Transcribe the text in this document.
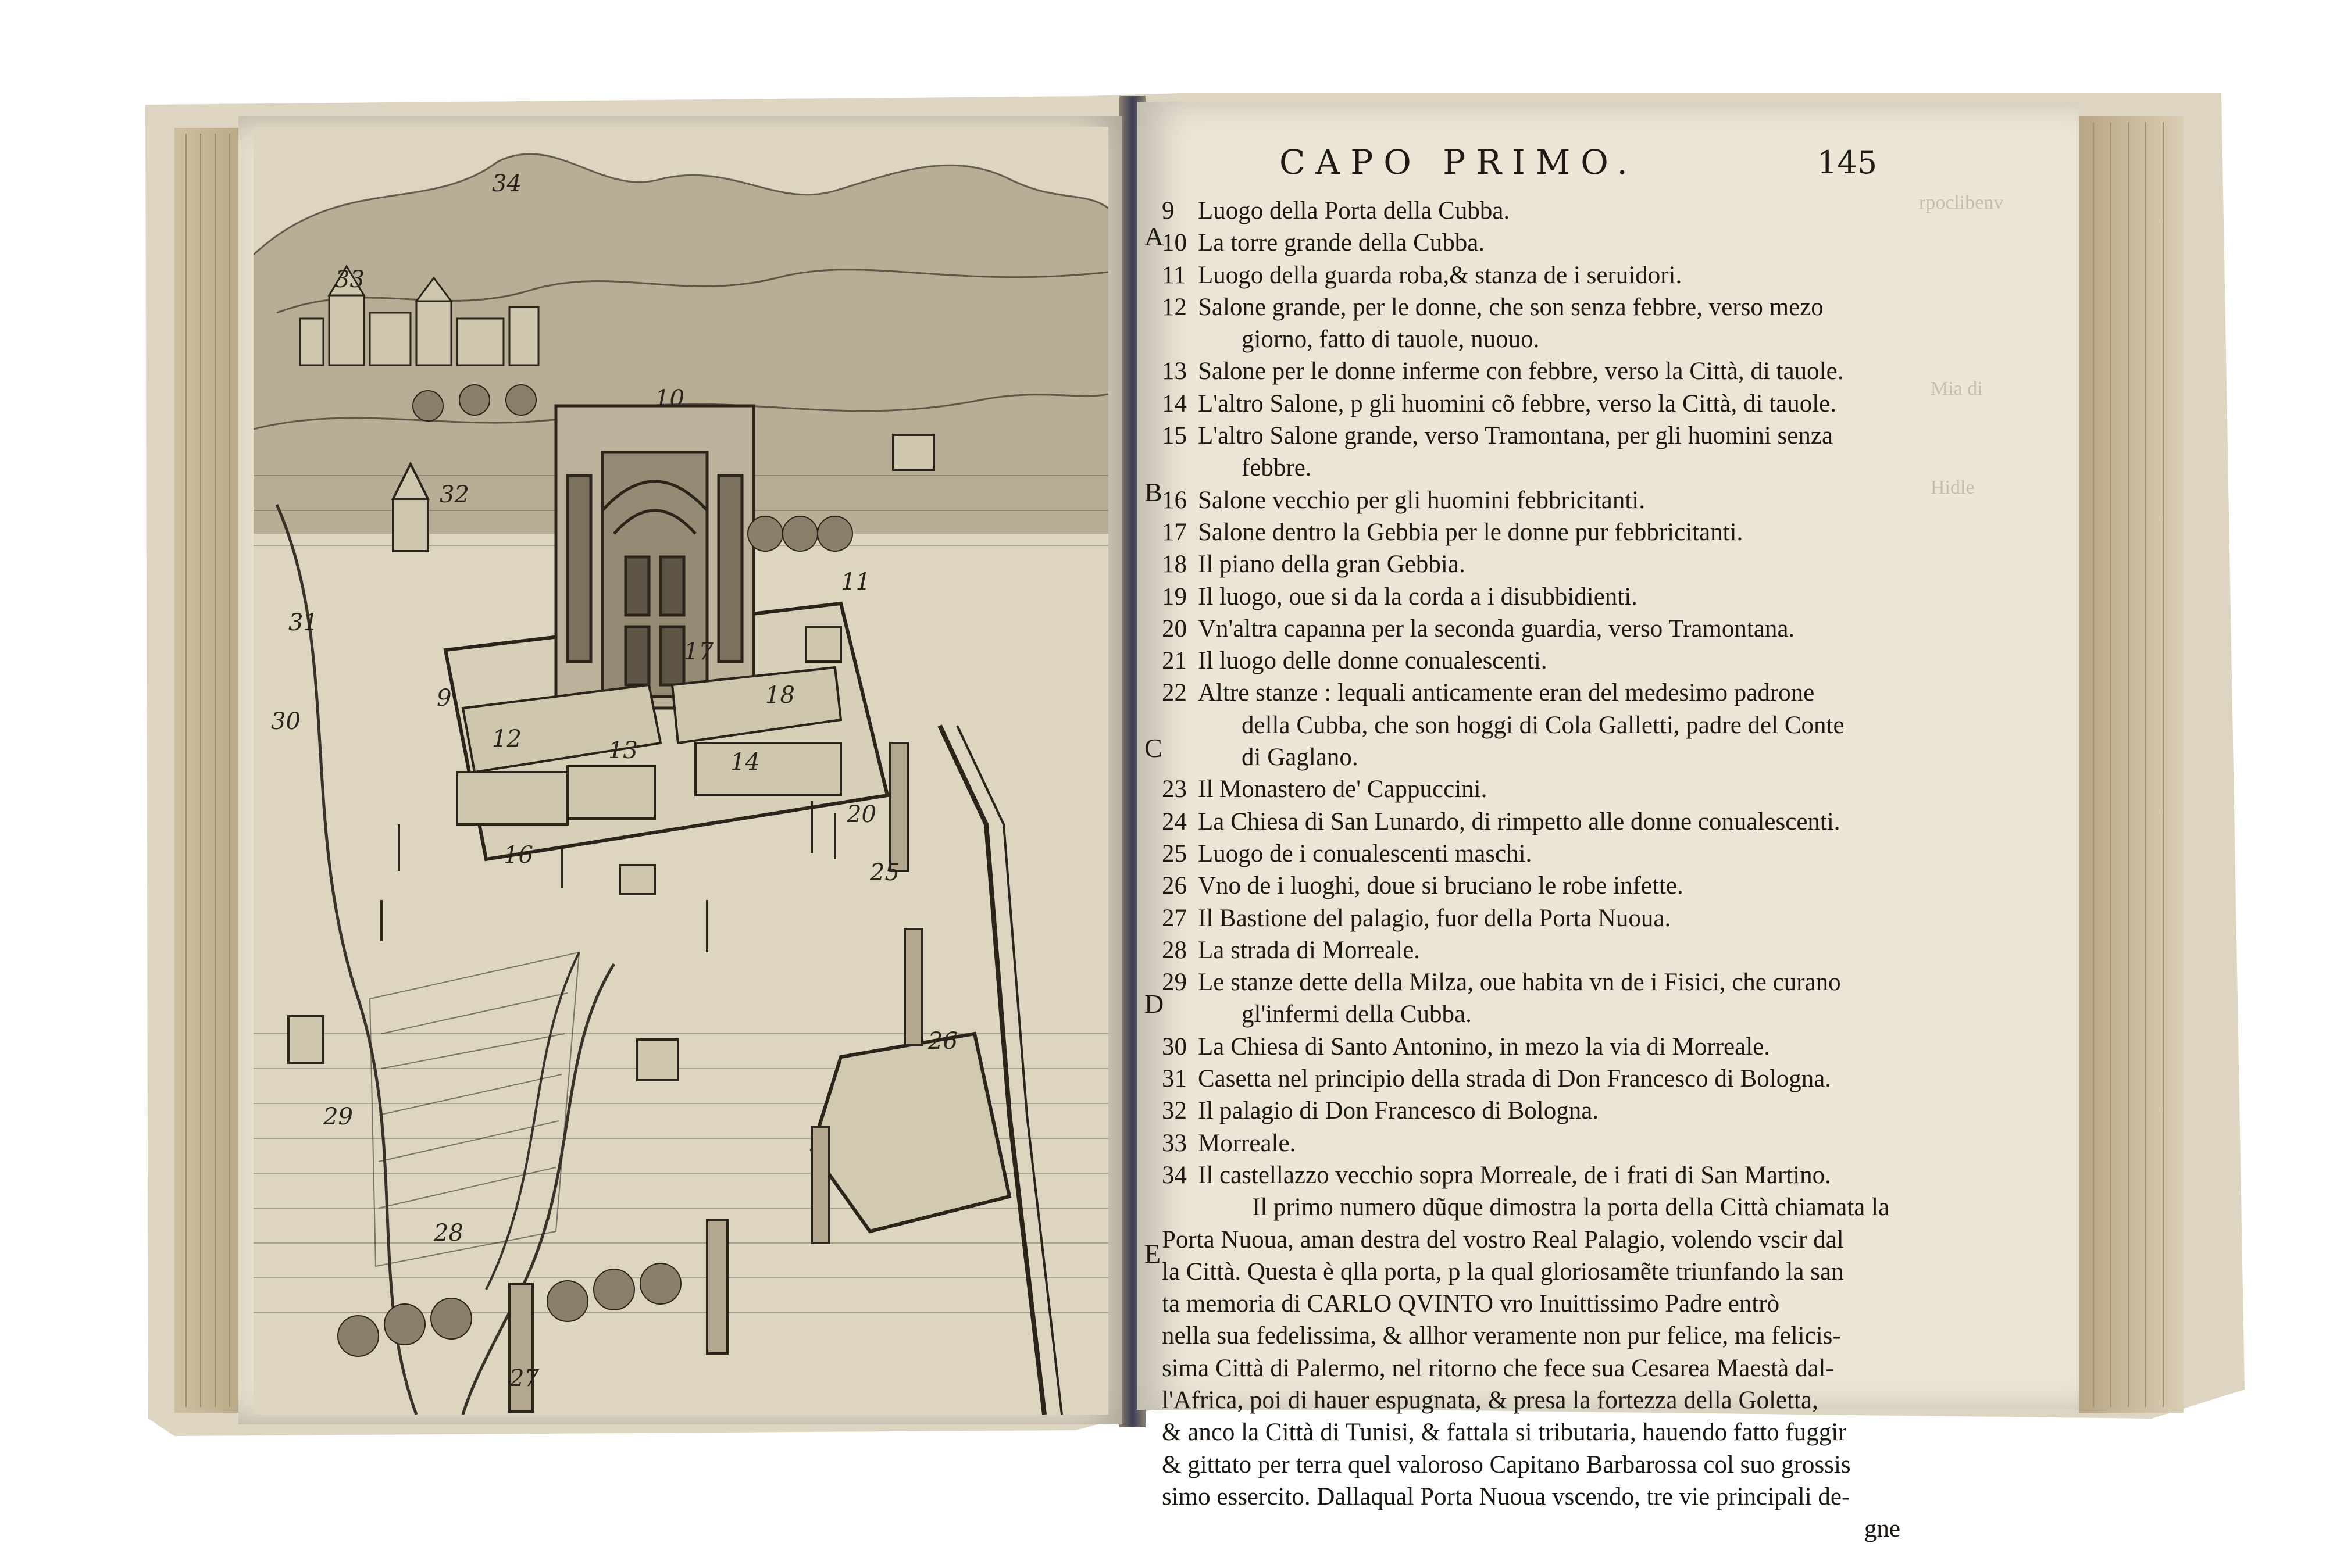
34
33
10
32
31
17
9	18
13
12
14
20
26
25
29
28
27
16
11
30
rpoclibenv
Mia di
Hidle
CAPO PRIMO.	145
A
B
C
D
E
9 Luogo della Porta della Cubba.
10 La torre grande della Cubba.
11 Luogo della guarda roba,& stanza de i seruidori.
12 Salone grande, per le donne, che son senza febbre, verso mezo
giorno, fatto di tauole, nuouo.
13 Salone per le donne inferme con febbre, verso la Città, di tauole.
14 L'altro Salone, p gli huomini cõ febbre, verso la Città, di tauole.
15 L'altro Salone grande, verso Tramontana, per gli huomini senza
febbre.
16 Salone vecchio per gli huomini febbricitanti.
17 Salone dentro la Gebbia per le donne pur febbricitanti.
18 Il piano della gran Gebbia.
19 Il luogo, oue si da la corda a i disubbidienti.
20 Vn'altra capanna per la seconda guardia, verso Tramontana.
21 Il luogo delle donne conualescenti.
22 Altre stanze : lequali anticamente eran del medesimo padrone
della Cubba, che son hoggi di Cola Galletti, padre del Conte
di Gaglano.
23 Il Monastero de' Cappuccini.
24 La Chiesa di San Lunardo, di rimpetto alle donne conualescenti.
25 Luogo de i conualescenti maschi.
26 Vno de i luoghi, doue si bruciano le robe infette.
27 Il Bastione del palagio, fuor della Porta Nuoua.
28 La strada di Morreale.
29 Le stanze dette della Milza, oue habita vn de i Fisici, che curano
gl'infermi della Cubba.
30 La Chiesa di Santo Antonino, in mezo la via di Morreale.
31 Casetta nel principio della strada di Don Francesco di Bologna.
32 Il palagio di Don Francesco di Bologna.
33 Morreale.
34 Il castellazzo vecchio sopra Morreale, de i frati di San Martino.
Il primo numero dũque dimostra la porta della Città chiamata la
Porta Nuoua, aman destra del vostro Real Palagio, volendo vscir dal
la Città. Questa è qlla porta, p la qual gloriosamẽte triunfando la san
ta memoria di CARLO QVINTO vro Inuittissimo Padre entrò
nella sua fedelissima, & allhor veramente non pur felice, ma felicis-
sima Città di Palermo, nel ritorno che fece sua Cesarea Maestà dal-
l'Africa, poi di hauer espugnata, & presa la fortezza della Goletta,
& anco la Città di Tunisi, & fattala si tributaria, hauendo fatto fuggir
& gittato per terra quel valoroso Capitano Barbarossa col suo grossis
simo essercito. Dallaqual Porta Nuoua vscendo, tre vie principali de-
gne
